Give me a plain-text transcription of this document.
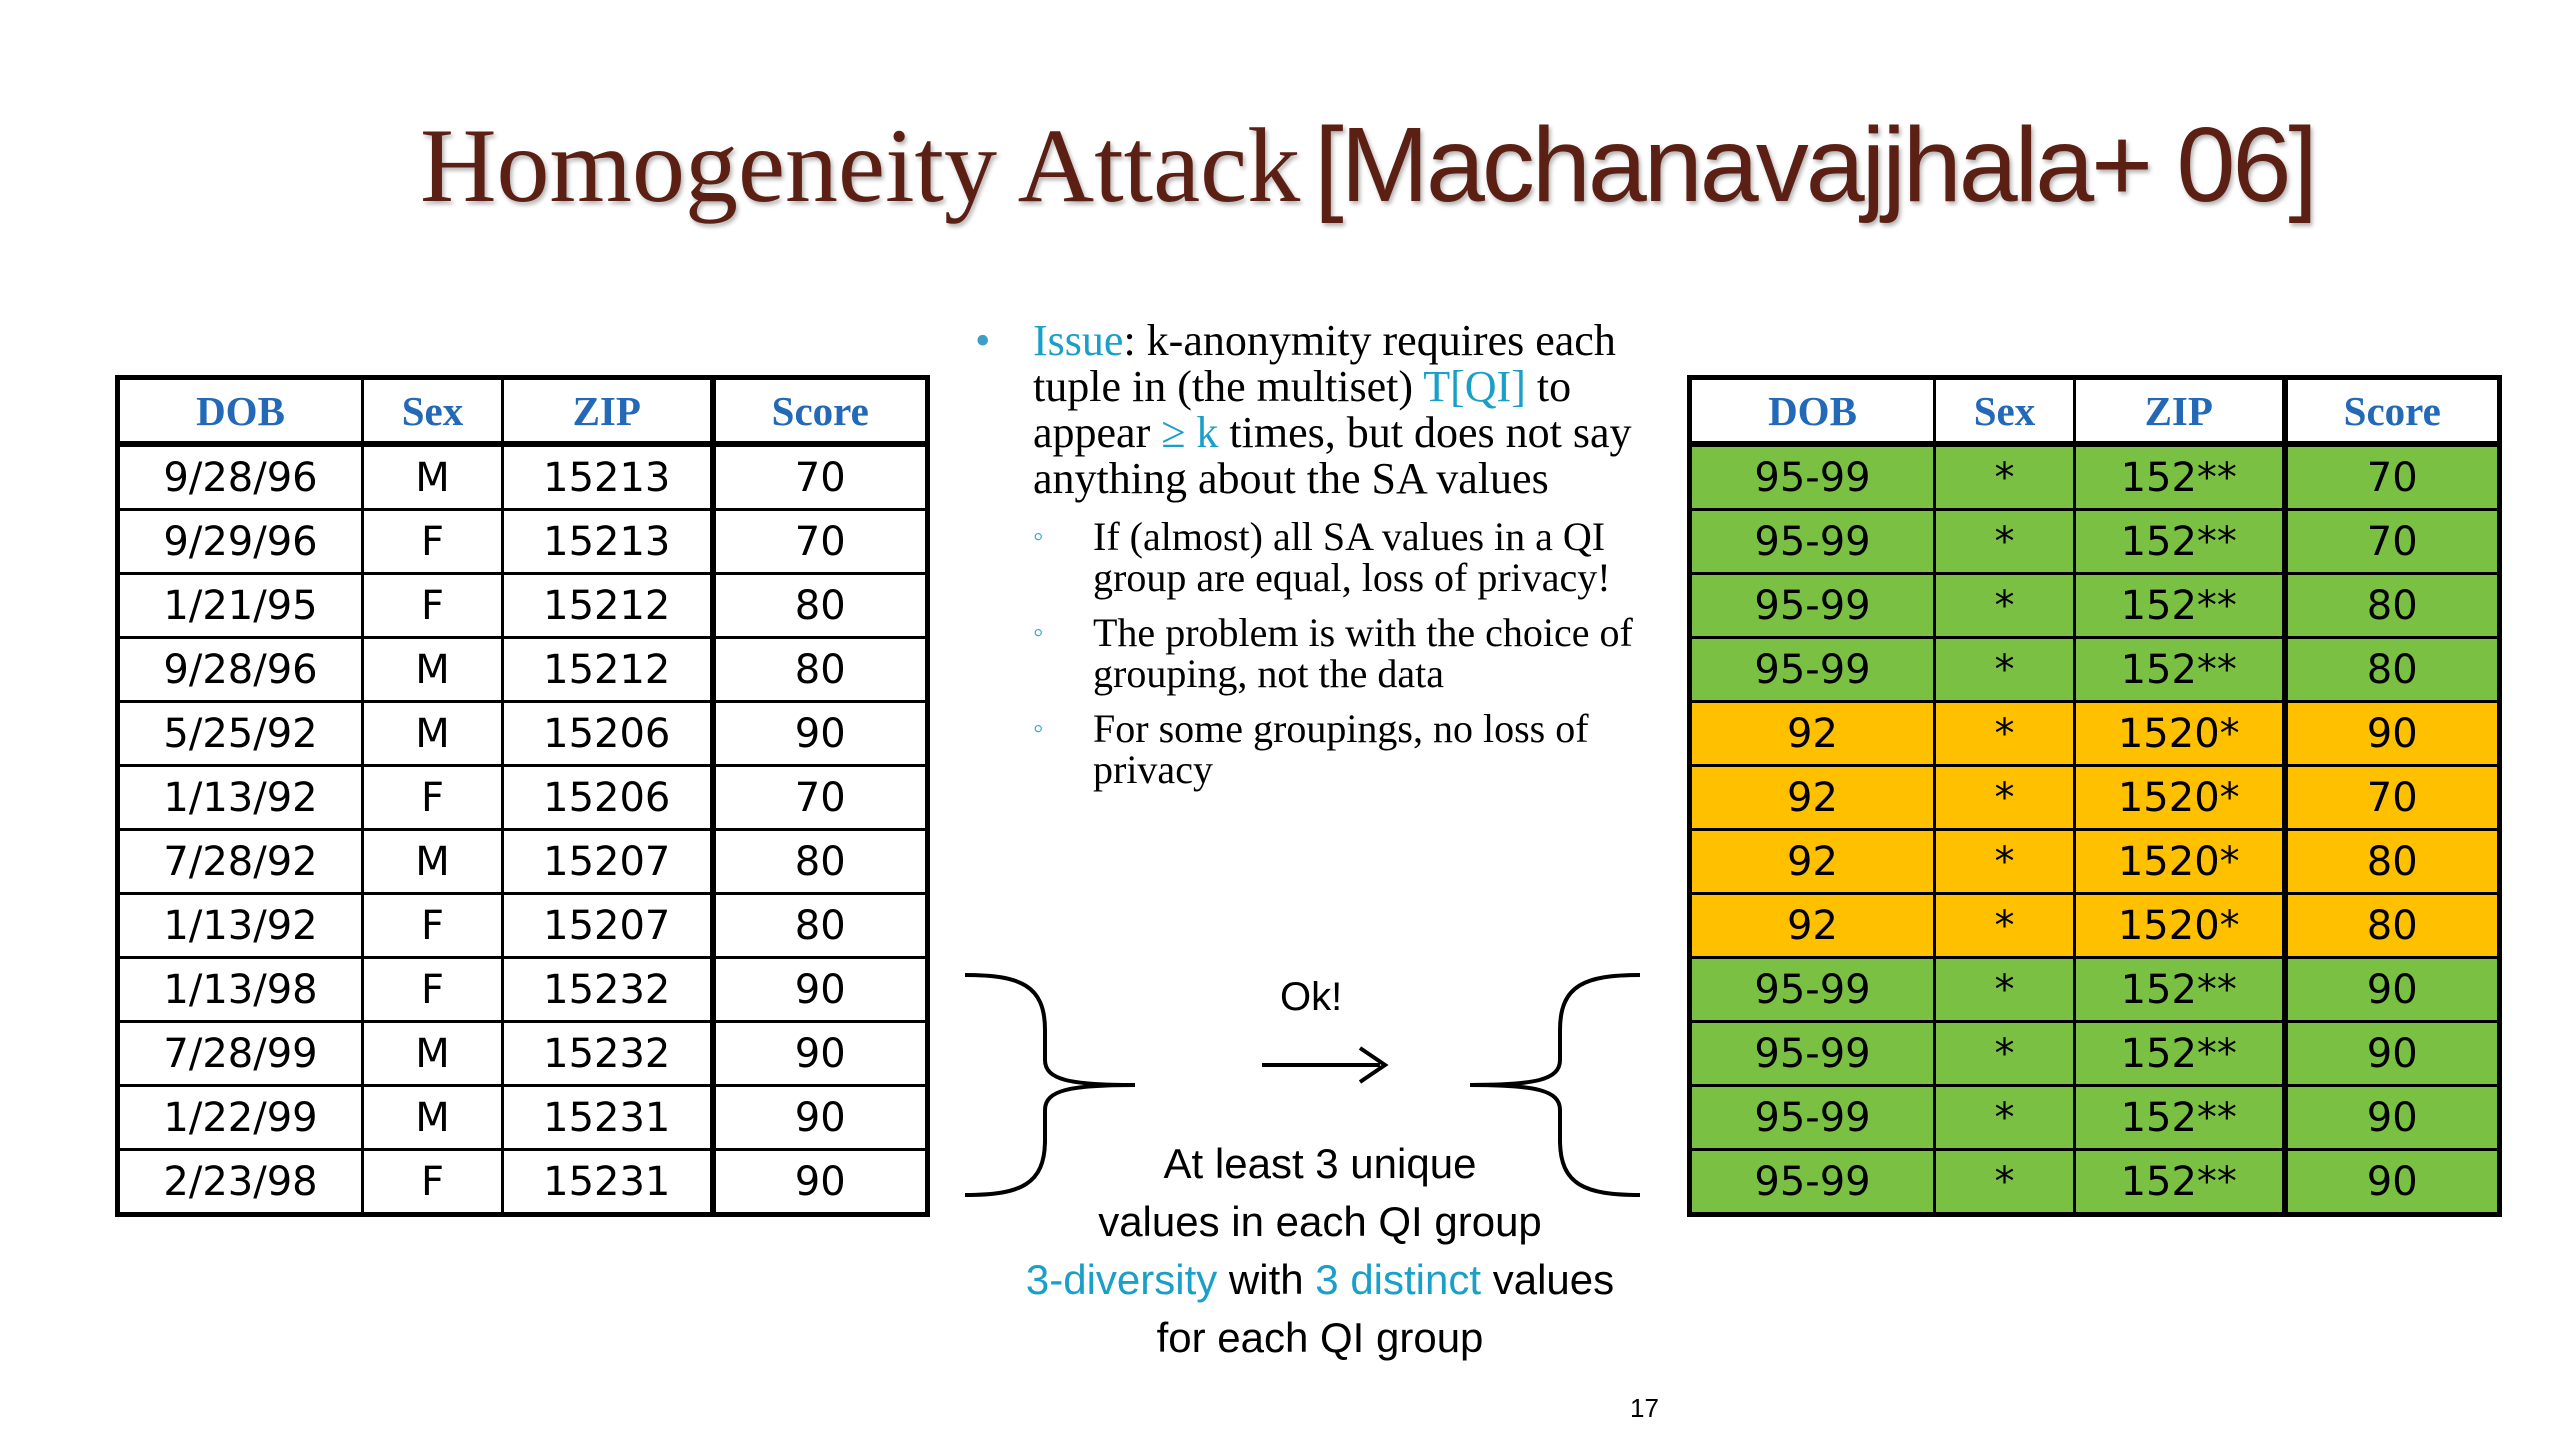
Homogeneity Attack [Machanavajjhala+ 06]
DOB	Sex	ZIP	Score
9/28/96	M	15213	70
9/29/96	F	15213	70
1/21/95	F	15212	80
9/28/96	M	15212	80
5/25/92	M	15206	90
1/13/92	F	15206	70
7/28/92	M	15207	80
1/13/92	F	15207	80
1/13/98	F	15232	90
7/28/99	M	15232	90
1/22/99	M	15231	90
2/23/98	F	15231	90
• Issue: k-anonymity requires each tuple in (the multiset) T[QI] to appear ≥ k times, but does not say anything about the SA values
◦ If (almost) all SA values in a QI group are equal, loss of privacy!
◦ The problem is with the choice of grouping, not the data
◦ For some groupings, no loss of privacy
Ok!
At least 3 unique
values in each QI group
3-diversity with 3 distinct values
for each QI group
DOB	Sex	ZIP	Score
95-99	*	152**	70
95-99	*	152**	70
95-99	*	152**	80
95-99	*	152**	80
92	*	1520*	90
92	*	1520*	70
92	*	1520*	80
92	*	1520*	80
95-99	*	152**	90
95-99	*	152**	90
95-99	*	152**	90
95-99	*	152**	90
17
